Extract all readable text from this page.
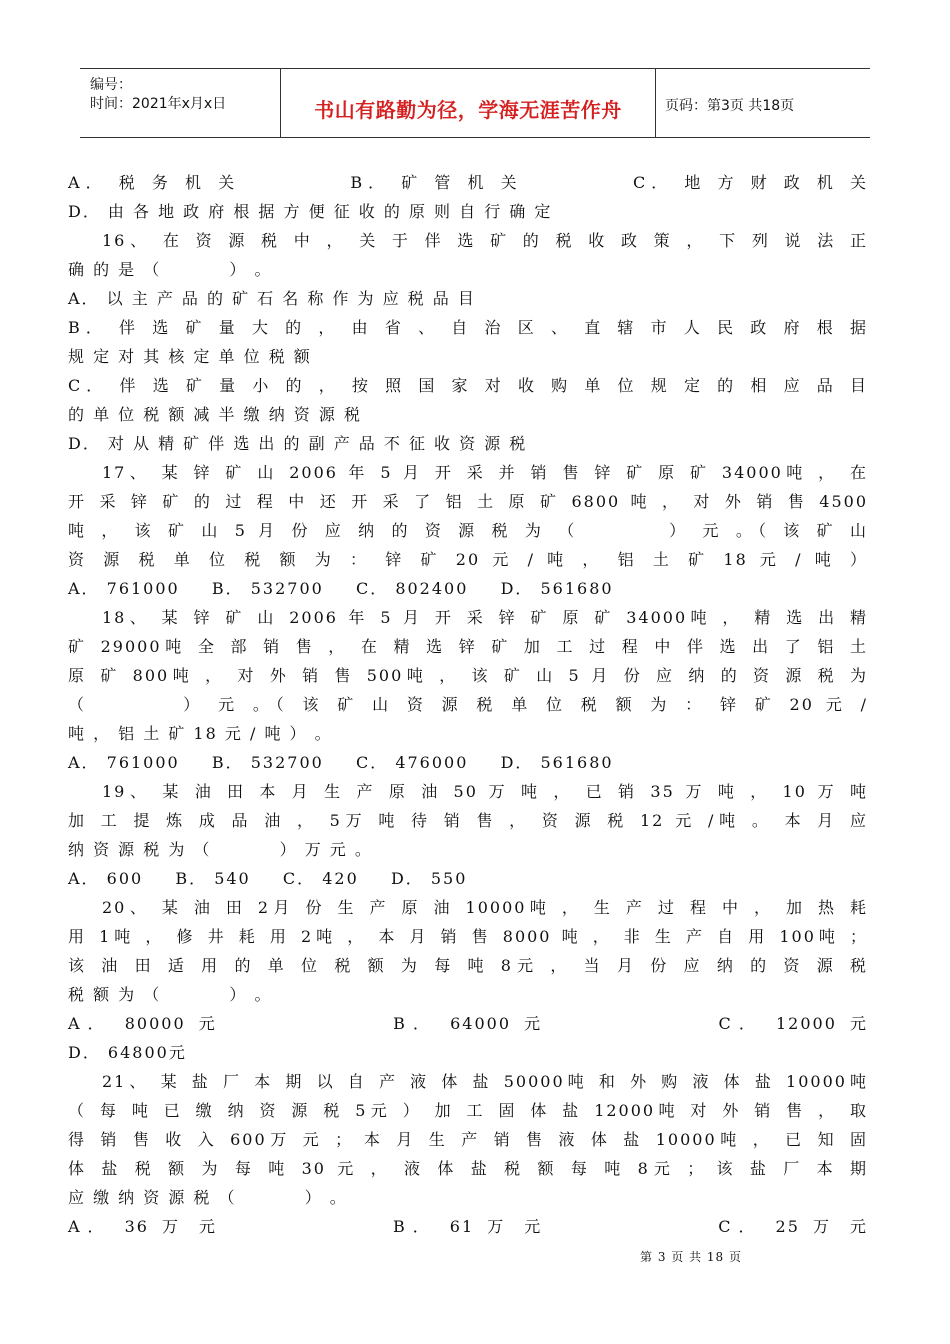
编号：
时间：2021年x月x日	书山有路勤为径，学海无涯苦作舟	页码：第3页 共18页
A． 税 务 机 关 　　　　 B． 矿 管 机 关 　　　　 C． 地 方 财 政 机 关
D． 由 各 地 政 府 根 据 方 便 征 收 的 原 则 自 行 确 定
16、 在 资 源 税 中 ， 关 于 伴 选 矿 的 税 收 政 策 ， 下 列 说 法 正
确 的 是 （ 　　　 ） 。
A． 以 主 产 品 的 矿 石 名 称 作 为 应 税 品 目
B． 伴 选 矿 量 大 的 ， 由 省 、 自 治 区 、 直 辖 市 人 民 政 府 根 据
规 定 对 其 核 定 单 位 税 额
C． 伴 选 矿 量 小 的 ， 按 照 国 家 对 收 购 单 位 规 定 的 相 应 品 目
的 单 位 税 额 减 半 缴 纳 资 源 税
D． 对 从 精 矿 伴 选 出 的 副 产 品 不 征 收 资 源 税
17、 某 锌 矿 山 2006 年 5 月 开 采 并 销 售 锌 矿 原 矿 34000吨 ， 在
开 采 锌 矿 的 过 程 中 还 开 采 了 铝 土 原 矿 6800 吨 ， 对 外 销 售 4500
吨 ， 该 矿 山 5 月 份 应 纳 的 资 源 税 为 （ 　　　 ） 元 。（ 该 矿 山
资 源 税 单 位 税 额 为 ： 锌 矿 20 元 / 吨 ， 铝 土 矿 18 元 / 吨 ）
A． 761000 　 B． 532700 　 C． 802400 　 D． 561680
18、 某 锌 矿 山 2006 年 5 月 开 采 锌 矿 原 矿 34000吨 ， 精 选 出 精
矿 29000吨 全 部 销 售 ， 在 精 选 锌 矿 加 工 过 程 中 伴 选 出 了 铝 土
原 矿 800吨 ， 对 外 销 售 500吨 ， 该 矿 山 5 月 份 应 纳 的 资 源 税 为
（ 　　　 ） 元 。（ 该 矿 山 资 源 税 单 位 税 额 为 ： 锌 矿 20 元 /
吨 ， 铝 土 矿 18 元 / 吨 ） 。
A． 761000 　 B． 532700 　 C． 476000 　 D． 561680
19、 某 油 田 本 月 生 产 原 油 50 万 吨 ， 已 销 35 万 吨 ， 10 万 吨
加 工 提 炼 成 品 油 ， 5万 吨 待 销 售 ， 资 源 税 12 元 /吨 。 本 月 应
纳 资 源 税 为 （ 　　　 ） 万 元 。
A． 600 　 B． 540 　 C． 420 　 D． 550
20、 某 油 田 2月 份 生 产 原 油 10000吨 ， 生 产 过 程 中 ， 加 热 耗
用 1吨 ， 修 井 耗 用 2吨 ， 本 月 销 售 8000 吨 ， 非 生 产 自 用 100吨 ；
该 油 田 适 用 的 单 位 税 额 为 每 吨 8元 ， 当 月 份 应 纳 的 资 源 税
税 额 为 （ 　　　 ） 。
A． 80000 元 　　　　　　 B． 64000 元 　　　　　　 C． 12000 元
D． 64800元
21、 某 盐 厂 本 期 以 自 产 液 体 盐 50000吨 和 外 购 液 体 盐 10000吨
（ 每 吨 已 缴 纳 资 源 税 5元 ） 加 工 固 体 盐 12000吨 对 外 销 售 ， 取
得 销 售 收 入 600万 元 ； 本 月 生 产 销 售 液 体 盐 10000吨 ， 已 知 固
体 盐 税 额 为 每 吨 30 元 ， 液 体 盐 税 额 每 吨 8元 ； 该 盐 厂 本 期
应 缴 纳 资 源 税 （ 　　　 ） 。
A． 36 万 元 　　　　　　 B． 61 万 元 　　　　　　 C． 25 万 元
第 3 页 共 18 页
